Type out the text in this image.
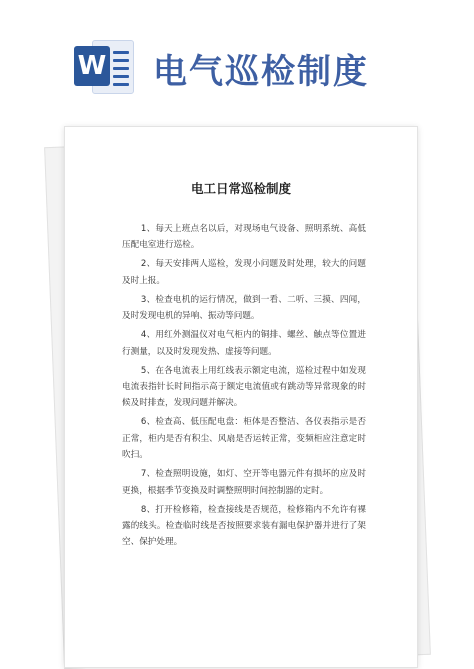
W 电气巡检制度
电工日常巡检制度

1、每天上班点名以后，对现场电气设备、照明系统、高低压配电室进行巡检。

2、每天安排两人巡检，发现小问题及时处理，较大的问题及时上报。

3、检查电机的运行情况，做到一看、二听、三摸、四闻，及时发现电机的异响、振动等问题。

4、用红外测温仪对电气柜内的铜排、螺丝、触点等位置进行测量，以及时发现发热、虚接等问题。

5、在各电流表上用红线表示额定电流，巡检过程中如发现电流表指针长时间指示高于额定电流值或有跳动等异常现象的时候及时排查，发现问题并解决。

6、检查高、低压配电盘：柜体是否整洁、各仪表指示是否正常，柜内是否有积尘、风扇是否运转正常，变频柜应注意定时吹扫。

7、检查照明设施，如灯、空开等电器元件有损坏的应及时更换，根据季节变换及时调整照明时间控制器的定时。

8、打开检修箱，检查接线是否规范，检修箱内不允许有裸露的线头。检查临时线是否按照要求装有漏电保护器并进行了架空、保护处理。
